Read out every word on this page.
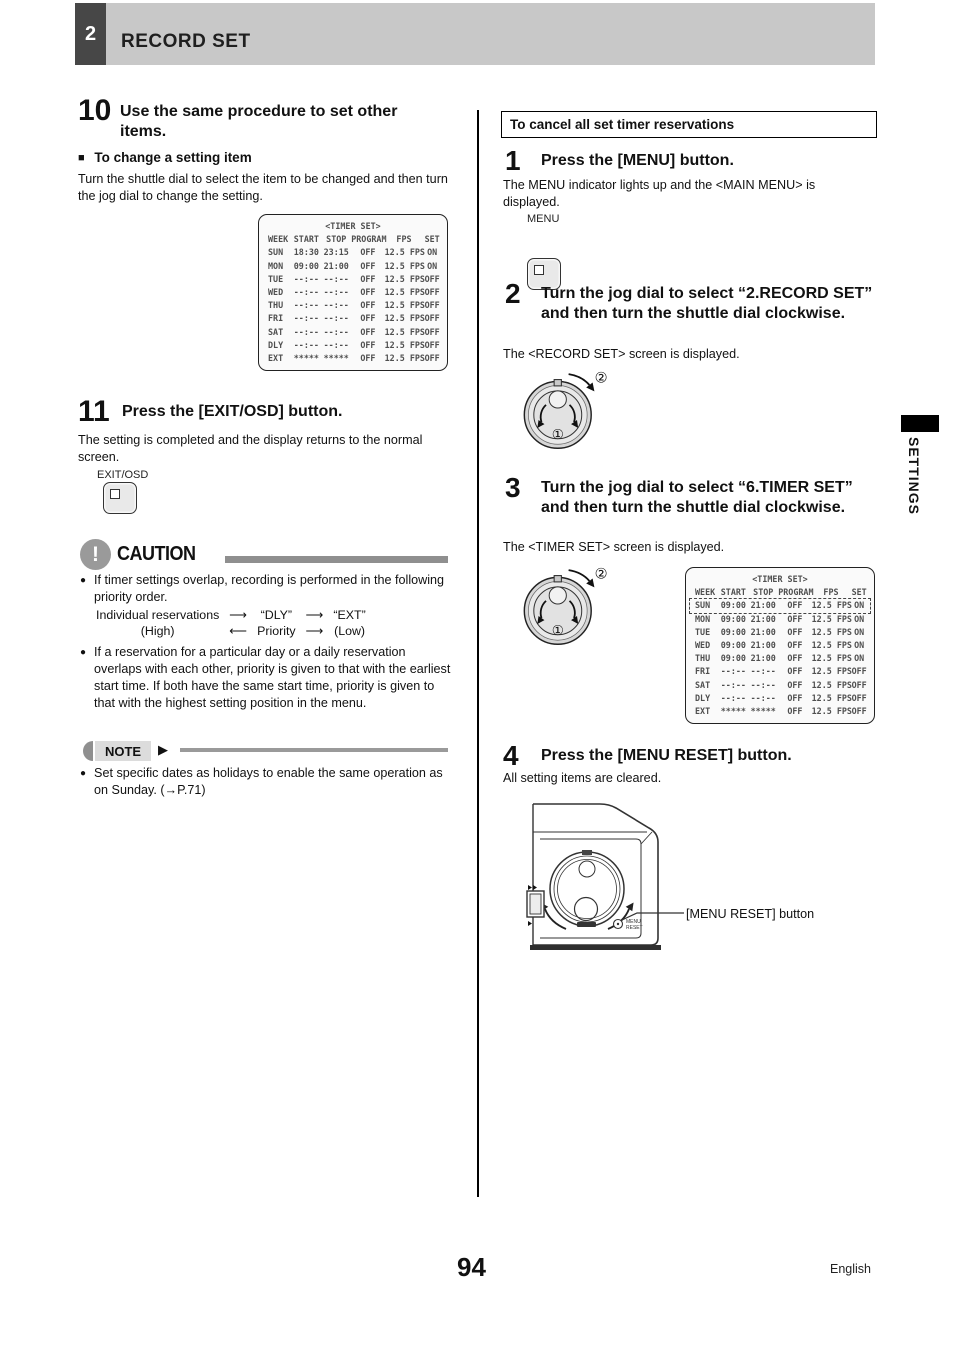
2 RECORD SET
10 Use the same procedure to set other items.
■ To change a setting item
Turn the shuttle dial to select the item to be changed and then turn the jog dial to change the setting.
<TIMER SET>
WEEK START STOP PROGRAM	FPS	SET
SUN	18:30 23:15	OFF	12.5 FPS ON
MON	09:00 21:00	OFF	12.5 FPS ON
TUE	--:-- --:--	OFF	12.5 FPS OFF
WED	--:-- --:--	OFF	12.5 FPS OFF
THU	--:-- --:--	OFF	12.5 FPS OFF
FRI	--:-- --:--	OFF	12.5 FPS OFF
SAT	--:-- --:--	OFF	12.5 FPS OFF
DLY	--:-- --:--	OFF	12.5 FPS OFF
EXT	***** *****	OFF	12.5 FPS OFF
11 Press the [EXIT/OSD] button.
The setting is completed and the display returns to the normal screen.
EXIT/OSD
! CAUTION
● If timer settings overlap, recording is performed in the following priority order.
Individual reservations ⟶ “DLY” ⟶ “EXT”
(High)	⟵ Priority ⟶ (Low)
● If a reservation for a particular day or a daily reservation overlaps with each other, priority is given to that with the earliest start time. If both have the same start time, priority is given to that with the highest setting position in the menu.
NOTE ▶
● Set specific dates as holidays to enable the same operation as on Sunday. (→P.71)
To cancel all set timer reservations
1 Press the [MENU] button.
The MENU indicator lights up and the <MAIN MENU> is displayed.
MENU
2 Turn the jog dial to select “2.RECORD SET” and then turn the shuttle dial clockwise.
The <RECORD SET> screen is displayed.
②
①
3 Turn the jog dial to select “6.TIMER SET” and then turn the shuttle dial clockwise.
The <TIMER SET> screen is displayed.
②
①
<TIMER SET>
WEEK START STOP PROGRAM	FPS	SET
SUN	09:00 21:00	OFF	12.5 FPS ON
MON	09:00 21:00	OFF	12.5 FPS ON
TUE	09:00 21:00	OFF	12.5 FPS ON
WED	09:00 21:00	OFF	12.5 FPS ON
THU	09:00 21:00	OFF	12.5 FPS ON
FRI	--:-- --:--	OFF	12.5 FPS OFF
SAT	--:-- --:--	OFF	12.5 FPS OFF
DLY	--:-- --:--	OFF	12.5 FPS OFF
EXT	***** *****	OFF	12.5 FPS OFF
4 Press the [MENU RESET] button.
All setting items are cleared.
MENU
RESET
[MENU RESET] button
SETTINGS
94	English
